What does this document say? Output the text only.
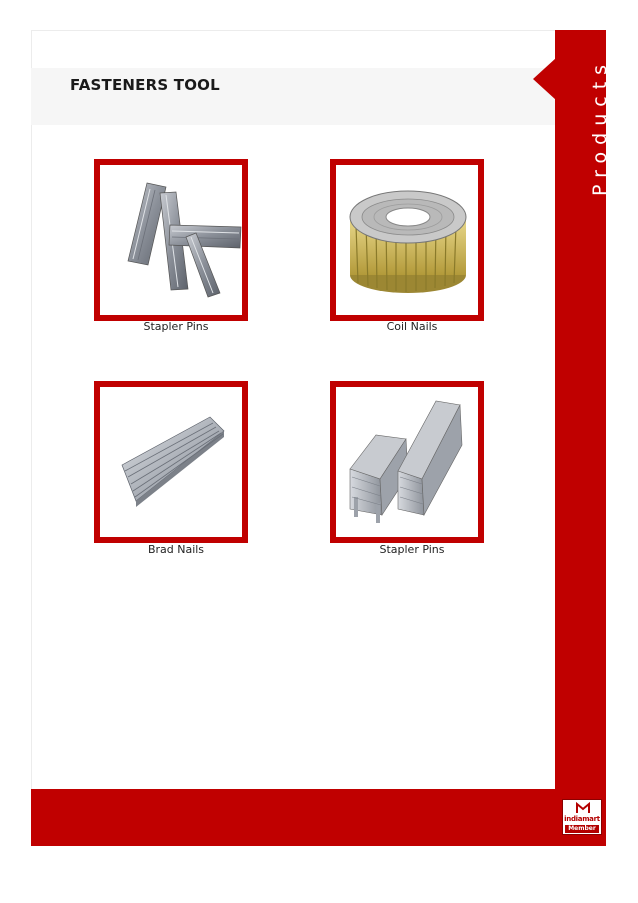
FASTENERS TOOL	Products
Stapler Pins	Coil Nails
Brad Nails	Stapler Pins
indiamart
Member
